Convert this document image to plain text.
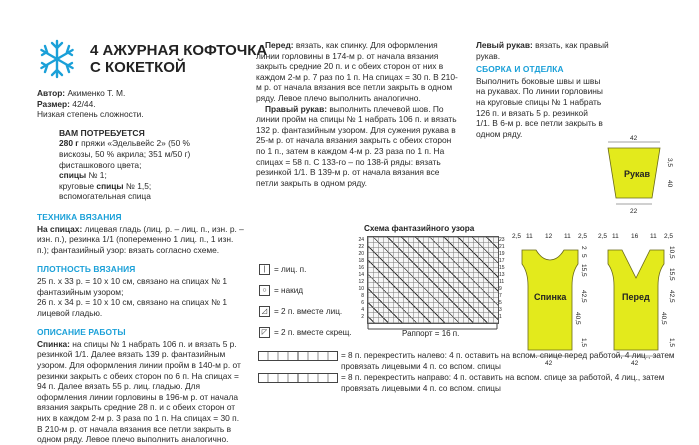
4 АЖУРНАЯ КОФТОЧКА
С КОКЕТКОЙ

Автор: Акименко Т. М.

Размер: 42/44.

Низкая степень сложности.

ВАМ ПОТРЕБУЕТСЯ

280 г пряжи «Эдельвейс 2» (50 % вискозы, 50 % акрила; 351 м/50 г) фисташкового цвета;

спицы № 1;

круговые спицы № 1,5;

вспомогательная спица

ТЕХНИКА ВЯЗАНИЯ

На спицах: лицевая гладь (лиц. р. – лиц. п., изн. р. – изн. п.), резинка 1/1 (попеременно 1 лиц. п., 1 изн. п.); фантазийный узор: вязать согласно схеме.

ПЛОТНОСТЬ ВЯЗАНИЯ

25 п. х 33 р. = 10 х 10 см, связано на спицах № 1 фантазийным узором;

26 п. х 34 р. = 10 х 10 см, связано на спицах № 1 лицевой гладью.

ОПИСАНИЕ РАБОТЫ

Спинка: на спицы № 1 набрать 106 п. и вязать 5 р. резинкой 1/1. Далее вязать 139 р. фантазийным узором. Для оформления линии пройм в 140-м р. от резинки закрыть с обеих сторон по 6 п. На спицах = 94 п. Далее вязать 55 р. лиц. гладью. Для оформления линии горловины в 196-м р. от начала вязания закрыть средние 28 п. и с обеих сторон от них в каждом 2-м р. 3 раза по 1 п. На спицах = 30 п. В 210-м р. от начала вязания все петли закрыть в одном ряду. Левое плечо выполнить аналогично.

Перед: вязать, как спинку. Для оформления линии горловины в 174-м р. от начала вязания закрыть средние 20 п. и с обеих сторон от них в каждом 2-м р. 7 раз по 1 п. На спицах = 30 п. В 210-м р. от начала вязания все петли закрыть в одном ряду. Левое плечо выполнить аналогично.

Правый рукав: выполнить плечевой шов. По линии пройм на спицы № 1 набрать 106 п. и вязать 132 р. фантазийным узором. Для сужения рукава в 25-м р. от начала вязания закрыть с обеих сторон по 1 п., затем в каждом 4-м р. 23 раза по 1 п. На спицах = 58 п. С 133-го – по 138-й ряды: вязать резинкой 1/1. В 139-м р. от начала вязания все петли закрыть в одном ряду.

Левый рукав: вязать, как правый рукав.

СБОРКА И ОТДЕЛКА

Выполнить боковые швы и швы на рукавах. По линии горловины на круговые спицы № 1 набрать 126 п. и вязать 5 р. резинкой 1/1. В 6-м р. все петли закрыть в одном ряду.

Схема фантазийного узора
24
22
20
18
16
14
12
10
8
6
4
2
23
21
19
17
15
13
11
9
7
5
3
1
Раппорт = 16 п.
|	= лиц. п.
○ = накид
◿ = 2 п. вместе лиц.
◸ = 2 п. вместе скрещ.
= 8 п. перекрестить налево: 4 п. оставить на вспом. спице перед работой, 4 лиц., затем провязать лицевыми 4 п. со вспом. спицы
= 8 п. перекрестить направо: 4 п. оставить на вспом. спице за работой, 4 лиц., затем провязать лицевыми 4 п. со вспом. спицы
42
22
3,5
40
Рукав
2,5 11 12 11 2,5
42
2
5
15,5
42,5
1,5
40,5
Спинка
2,5 11 16 11 2,5
42
10,5
15,5
42,5
1,5
40,5
Перед
